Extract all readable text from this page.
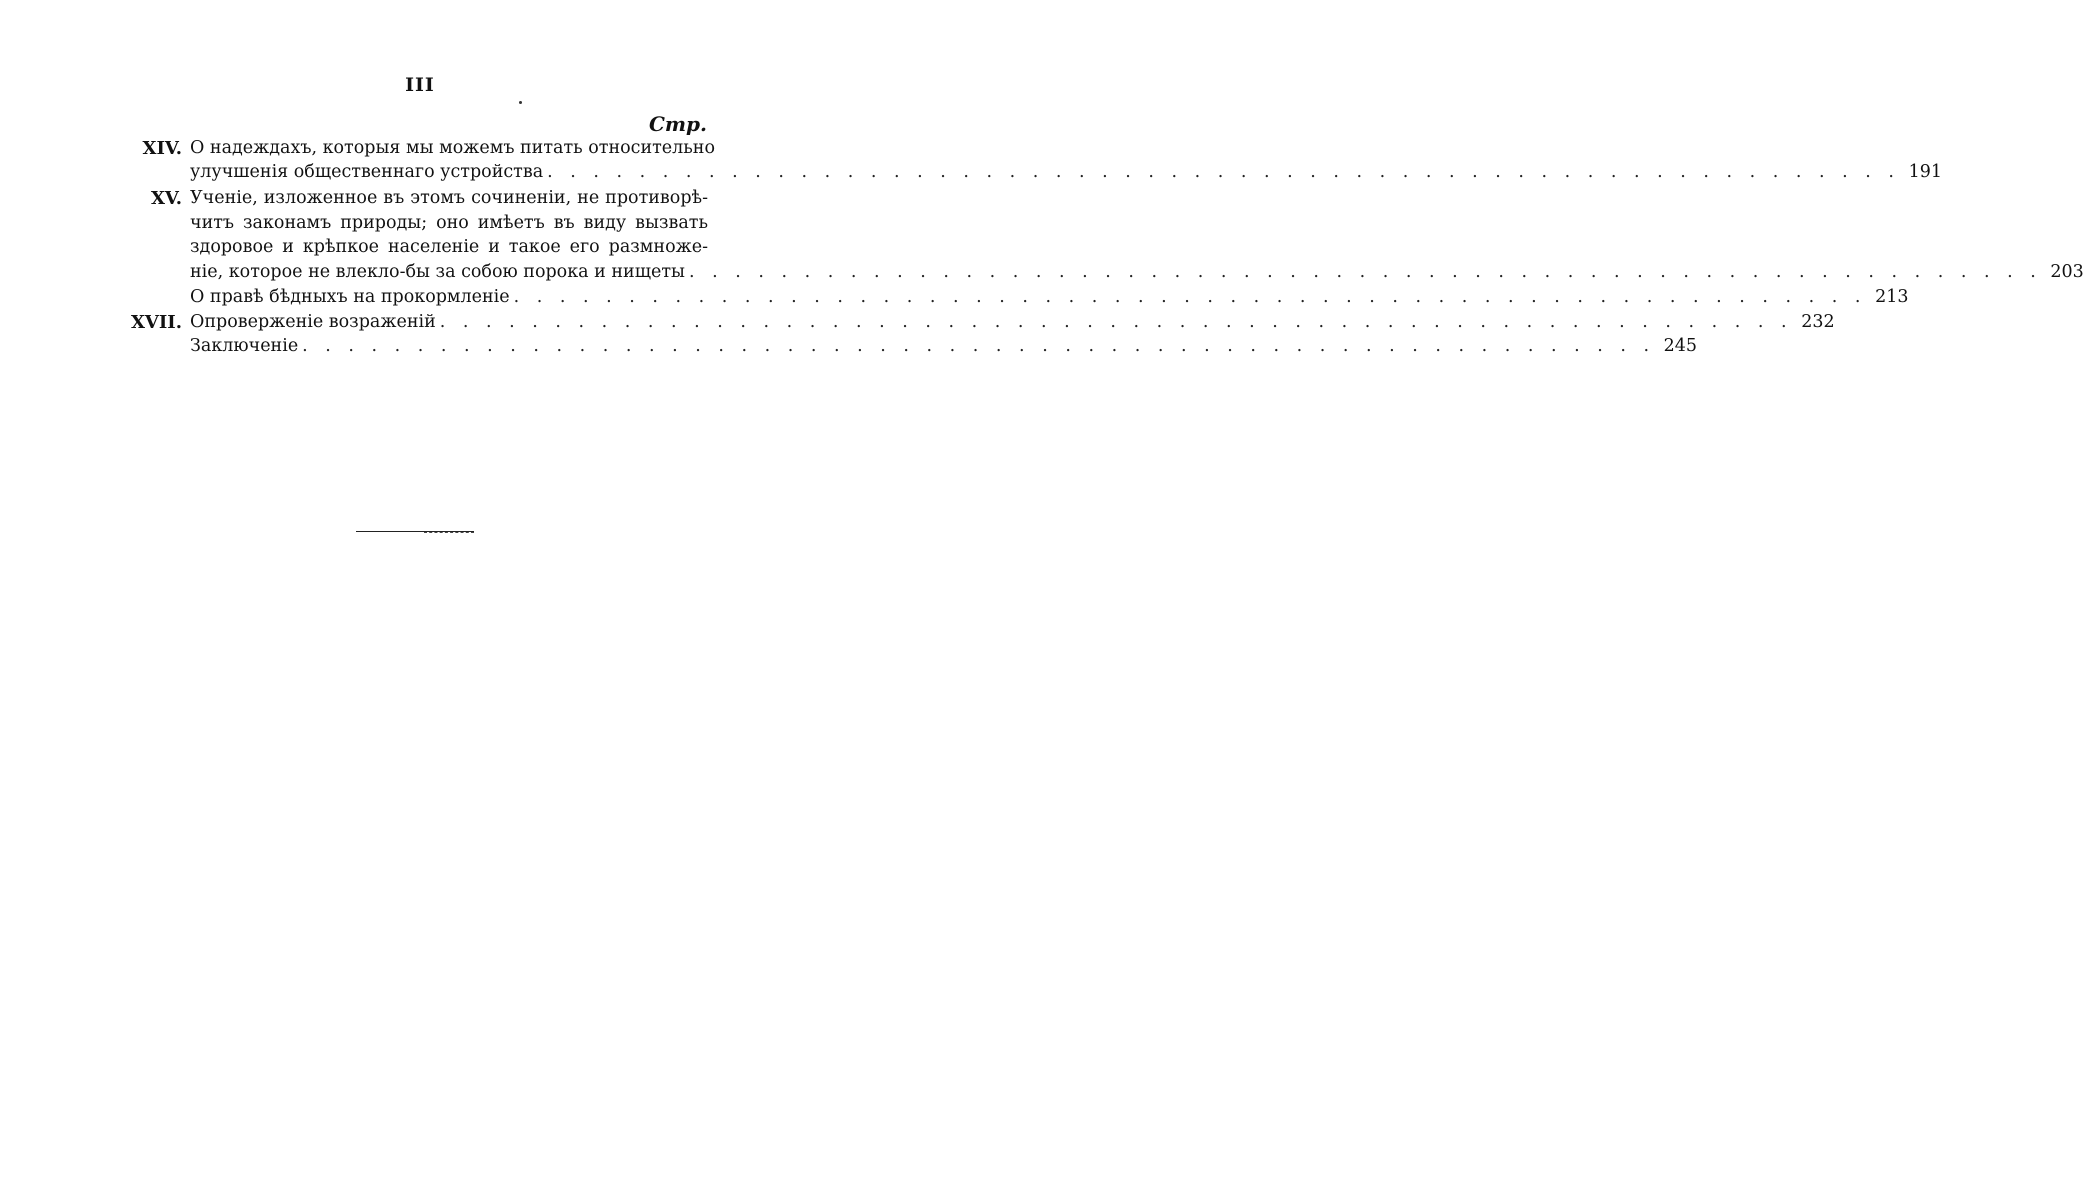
III
Стр.
XIV. О надеждахъ, которыя мы можемъ питать относительно
улучшенія общественнаго устройства . . .	191
XV. Ученіе, изложенное въ этомъ сочиненіи, не противорѣ-
читъ законамъ природы; оно имѣетъ въ виду вызвать
здоровое и крѣпкое населеніе и такое его размноже-
ніе, которое не влекло-бы за собою порока и нищеты . . .	203
О правѣ бѣдныхъ на прокормленіе . . .	213
XVII. Опроверженіе возраженій . . .	232
Заключеніе . . .	245
